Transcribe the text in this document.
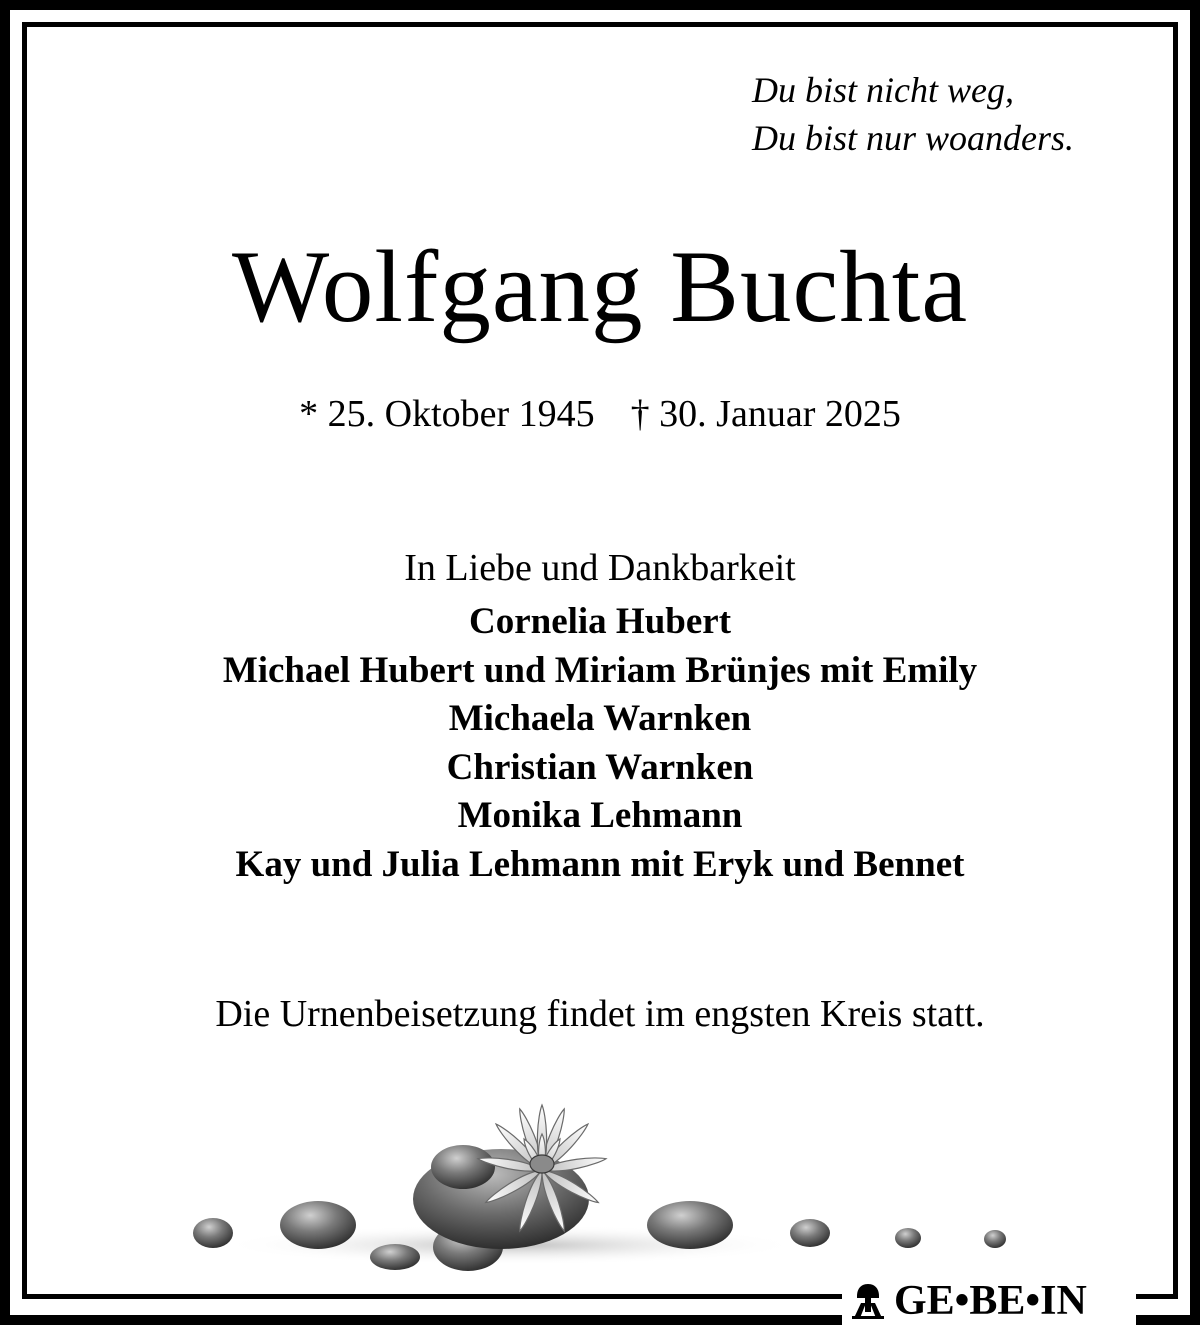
Du bist nicht weg,
Du bist nur woanders.
Wolfgang Buchta
* 25. Oktober 1945 † 30. Januar 2025
In Liebe und Dankbarkeit
Cornelia Hubert
Michael Hubert und Miriam Brünjes mit Emily
Michaela Warnken
Christian Warnken
Monika Lehmann
Kay und Julia Lehmann mit Eryk und Bennet
Die Urnenbeisetzung findet im engsten Kreis statt.
GE•BE•IN
